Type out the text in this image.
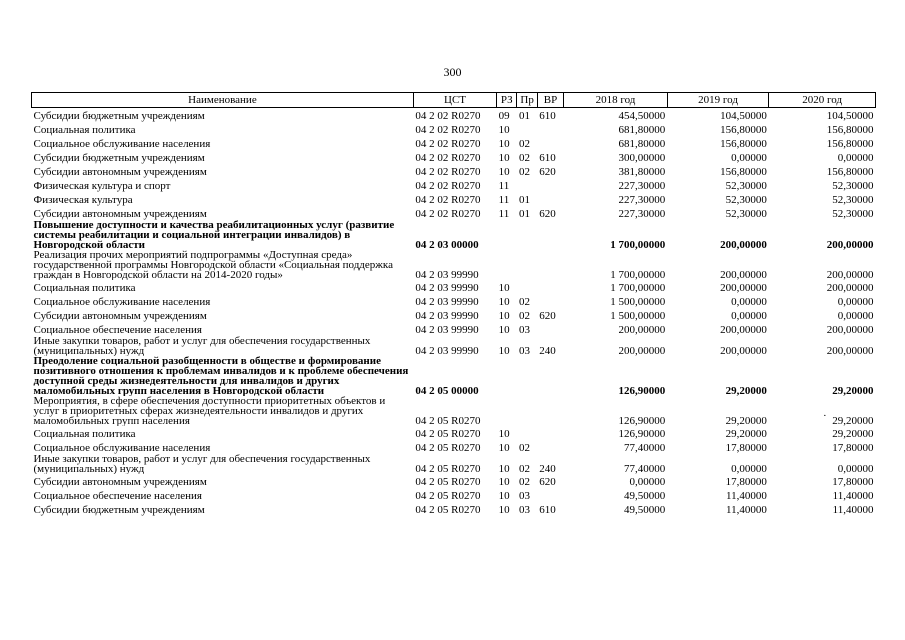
300
Наименование	ЦСТ	РЗ	Пр	ВР	2018 год	2019 год	2020 год
Субсидии бюджетным учреждениям	04 2 02 R0270	09	01	610	454,50000	104,50000	104,50000
Социальная политика	04 2 02 R0270	10			681,80000	156,80000	156,80000
Социальное обслуживание населения	04 2 02 R0270	10	02		681,80000	156,80000	156,80000
Субсидии бюджетным учреждениям	04 2 02 R0270	10	02	610	300,00000	0,00000	0,00000
Субсидии автономным учреждениям	04 2 02 R0270	10	02	620	381,80000	156,80000	156,80000
Физическая культура и спорт	04 2 02 R0270	11			227,30000	52,30000	52,30000
Физическая культура	04 2 02 R0270	11	01		227,30000	52,30000	52,30000
Субсидии автономным учреждениям	04 2 02 R0270	11	01	620	227,30000	52,30000	52,30000
Повышение доступности и качества реабилитационных услуг (развитие системы реабилитации и социальной интеграции инвалидов) в Новгородской области	04 2 03 00000				1 700,00000	200,00000	200,00000
Реализация прочих мероприятий подпрограммы «Доступная среда» государственной программы Новгородской области «Социальная поддержка граждан в Новгородской области на 2014-2020 годы»	04 2 03 99990				1 700,00000	200,00000	200,00000
Социальная политика	04 2 03 99990	10			1 700,00000	200,00000	200,00000
Социальное обслуживание населения	04 2 03 99990	10	02		1 500,00000	0,00000	0,00000
Субсидии автономным учреждениям	04 2 03 99990	10	02	620	1 500,00000	0,00000	0,00000
Социальное обеспечение населения	04 2 03 99990	10	03		200,00000	200,00000	200,00000
Иные закупки товаров, работ и услуг для обеспечения государственных (муниципальных) нужд	04 2 03 99990	10	03	240	200,00000	200,00000	200,00000
Преодоление социальной разобщенности в обществе и формирование позитивного отношения к проблемам инвалидов и к проблеме обеспечения доступной среды жизнедеятельности для инвалидов и других маломобильных групп населения в Новгородской области	04 2 05 00000				126,90000	29,20000	29,20000
Мероприятия, в сфере обеспечения доступности приоритетных объектов и услуг в приоритетных сферах жизнедеятельности инвалидов и других маломобильных групп населения	04 2 05 R0270				126,90000	29,20000	29,20000
Социальная политика	04 2 05 R0270	10			126,90000	29,20000	29,20000
Социальное обслуживание населения	04 2 05 R0270	10	02		77,40000	17,80000	17,80000
Иные закупки товаров, работ и услуг для обеспечения государственных (муниципальных) нужд	04 2 05 R0270	10	02	240	77,40000	0,00000	0,00000
Субсидии автономным учреждениям	04 2 05 R0270	10	02	620	0,00000	17,80000	17,80000
Социальное обеспечение населения	04 2 05 R0270	10	03		49,50000	11,40000	11,40000
Субсидии бюджетным учреждениям	04 2 05 R0270	10	03	610	49,50000	11,40000	11,40000
·
